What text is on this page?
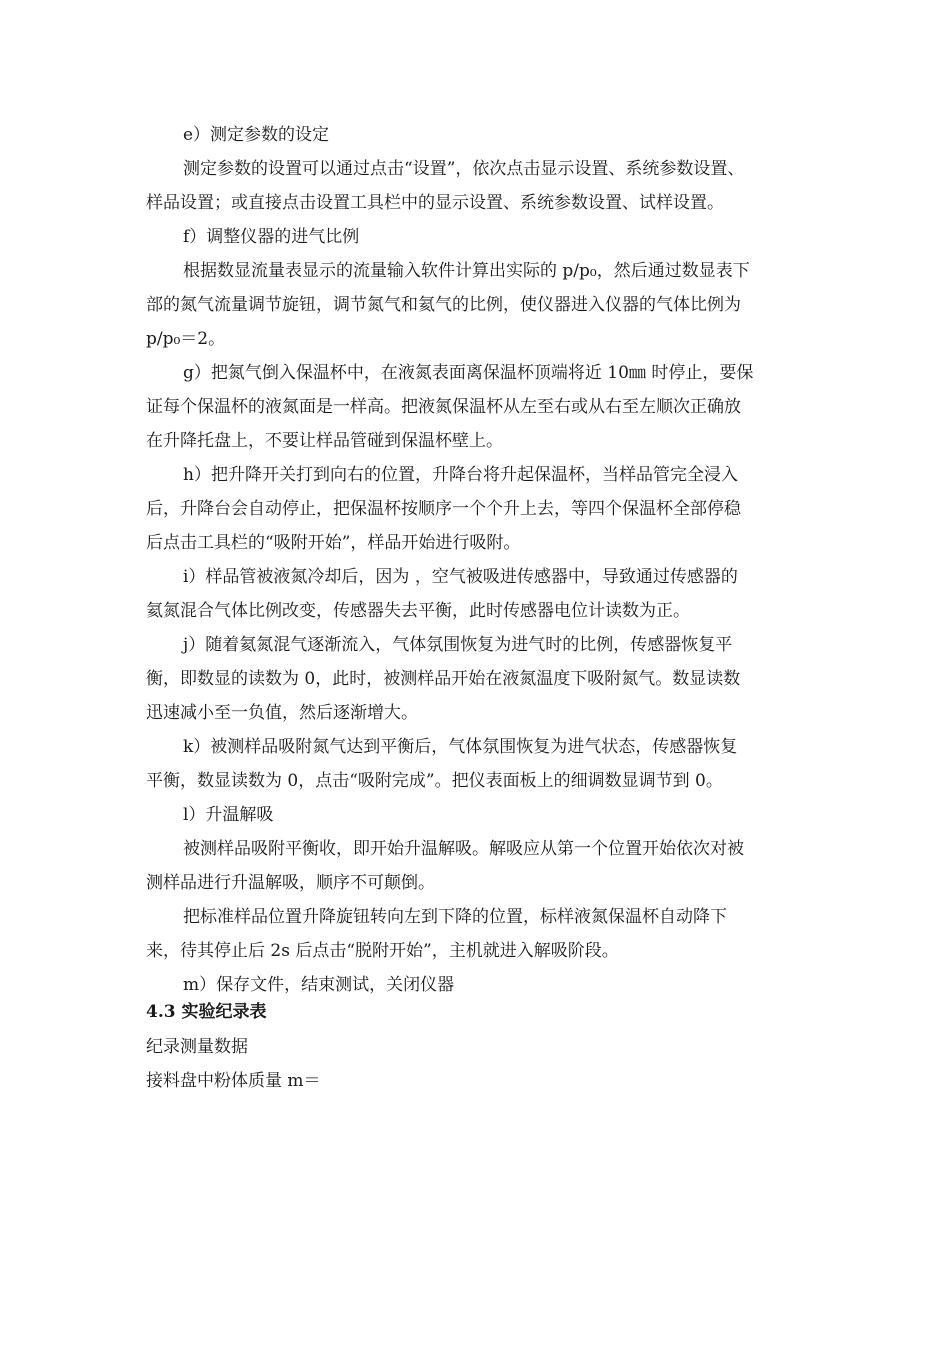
e）测定参数的设定

测定参数的设置可以通过点击“设置”，依次点击显示设置、系统参数设置、

样品设置；或直接点击设置工具栏中的显示设置、系统参数设置、试样设置。

f）调整仪器的进气比例

根据数显流量表显示的流量输入软件计算出实际的 p/p₀，然后通过数显表下

部的氮气流量调节旋钮，调节氮气和氦气的比例，使仪器进入仪器的气体比例为

p/p₀＝2。

g）把氮气倒入保温杯中，在液氮表面离保温杯顶端将近 10㎜ 时停止，要保

证每个保温杯的液氮面是一样高。把液氮保温杯从左至右或从右至左顺次正确放

在升降托盘上，不要让样品管碰到保温杯壁上。

h）把升降开关打到向右的位置，升降台将升起保温杯，当样品管完全浸入

后，升降台会自动停止，把保温杯按顺序一个个升上去，等四个保温杯全部停稳

后点击工具栏的“吸附开始”，样品开始进行吸附。

i）样品管被液氮冷却后，因为 ，空气被吸进传感器中，导致通过传感器的

氦氮混合气体比例改变，传感器失去平衡，此时传感器电位计读数为正。

j）随着氦氮混气逐渐流入，气体氛围恢复为进气时的比例，传感器恢复平

衡，即数显的读数为 0，此时，被测样品开始在液氮温度下吸附氮气。数显读数

迅速减小至一负值，然后逐渐增大。

k）被测样品吸附氮气达到平衡后，气体氛围恢复为进气状态，传感器恢复

平衡，数显读数为 0，点击“吸附完成”。把仪表面板上的细调数显调节到 0。

l）升温解吸

被测样品吸附平衡收，即开始升温解吸。解吸应从第一个位置开始依次对被

测样品进行升温解吸，顺序不可颠倒。

把标准样品位置升降旋钮转向左到下降的位置，标样液氮保温杯自动降下

来，待其停止后 2s 后点击“脱附开始”，主机就进入解吸阶段。

m）保存文件，结束测试，关闭仪器

4.3 实验纪录表

纪录测量数据

接料盘中粉体质量 m＝
